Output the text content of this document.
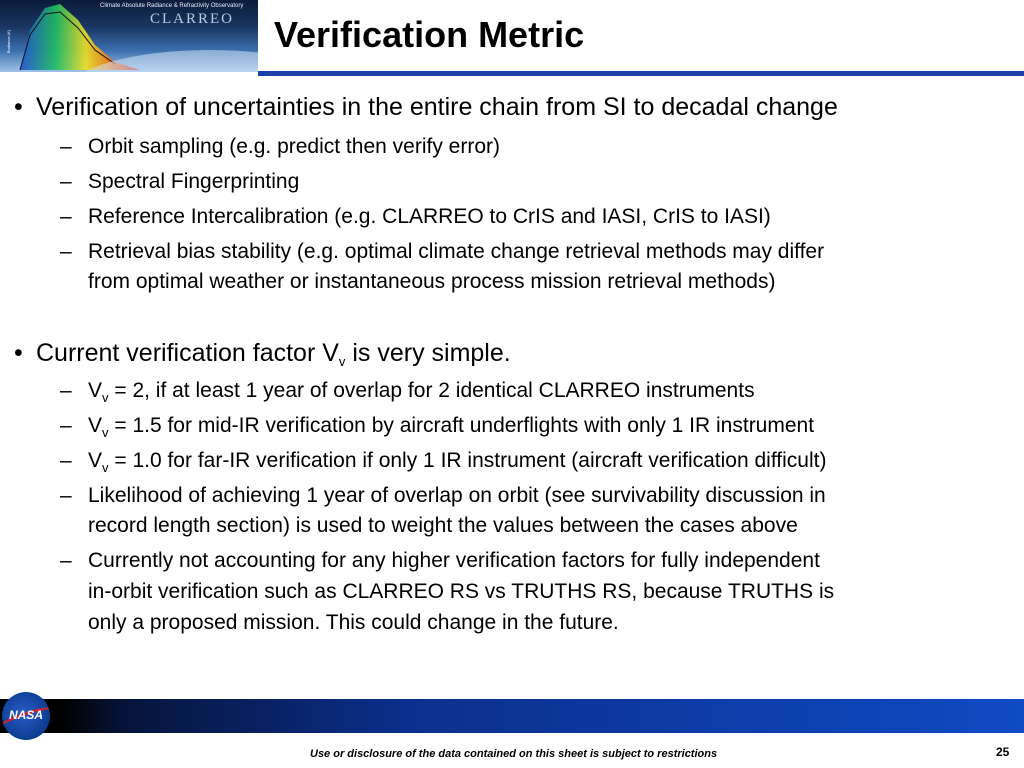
Climate Absolute Radiance & Refractivity Observatory
CLARREO
Radiance (K)	Verification Metric
• Verification of uncertainties in the entire chain from SI to decadal change
– Orbit sampling (e.g. predict then verify error)
– Spectral Fingerprinting
– Reference Intercalibration (e.g. CLARREO to CrIS and IASI, CrIS to IASI)
– Retrieval bias stability (e.g. optimal climate change retrieval methods may differ
from optimal weather or instantaneous process mission retrieval methods)
• Current verification factor $V_v$ is very simple.
– $V_v = 2$, if at least 1 year of overlap for 2 identical CLARREO instruments
– $V_v = 1.5$ for mid-IR verification by aircraft underflights with only 1 IR instrument
– $V_v = 1.0$ for far-IR verification if only 1 IR instrument (aircraft verification difficult)
– Likelihood of achieving 1 year of overlap on orbit (see survivability discussion in
record length section) is used to weight the values between the cases above
– Currently not accounting for any higher verification factors for fully independent
in-orbit verification such as CLARREO RS vs TRUTHS RS, because TRUTHS is
only a proposed mission. This could change in the future.
NASA
Use or disclosure of the data contained on this sheet is subject to restrictions	25
